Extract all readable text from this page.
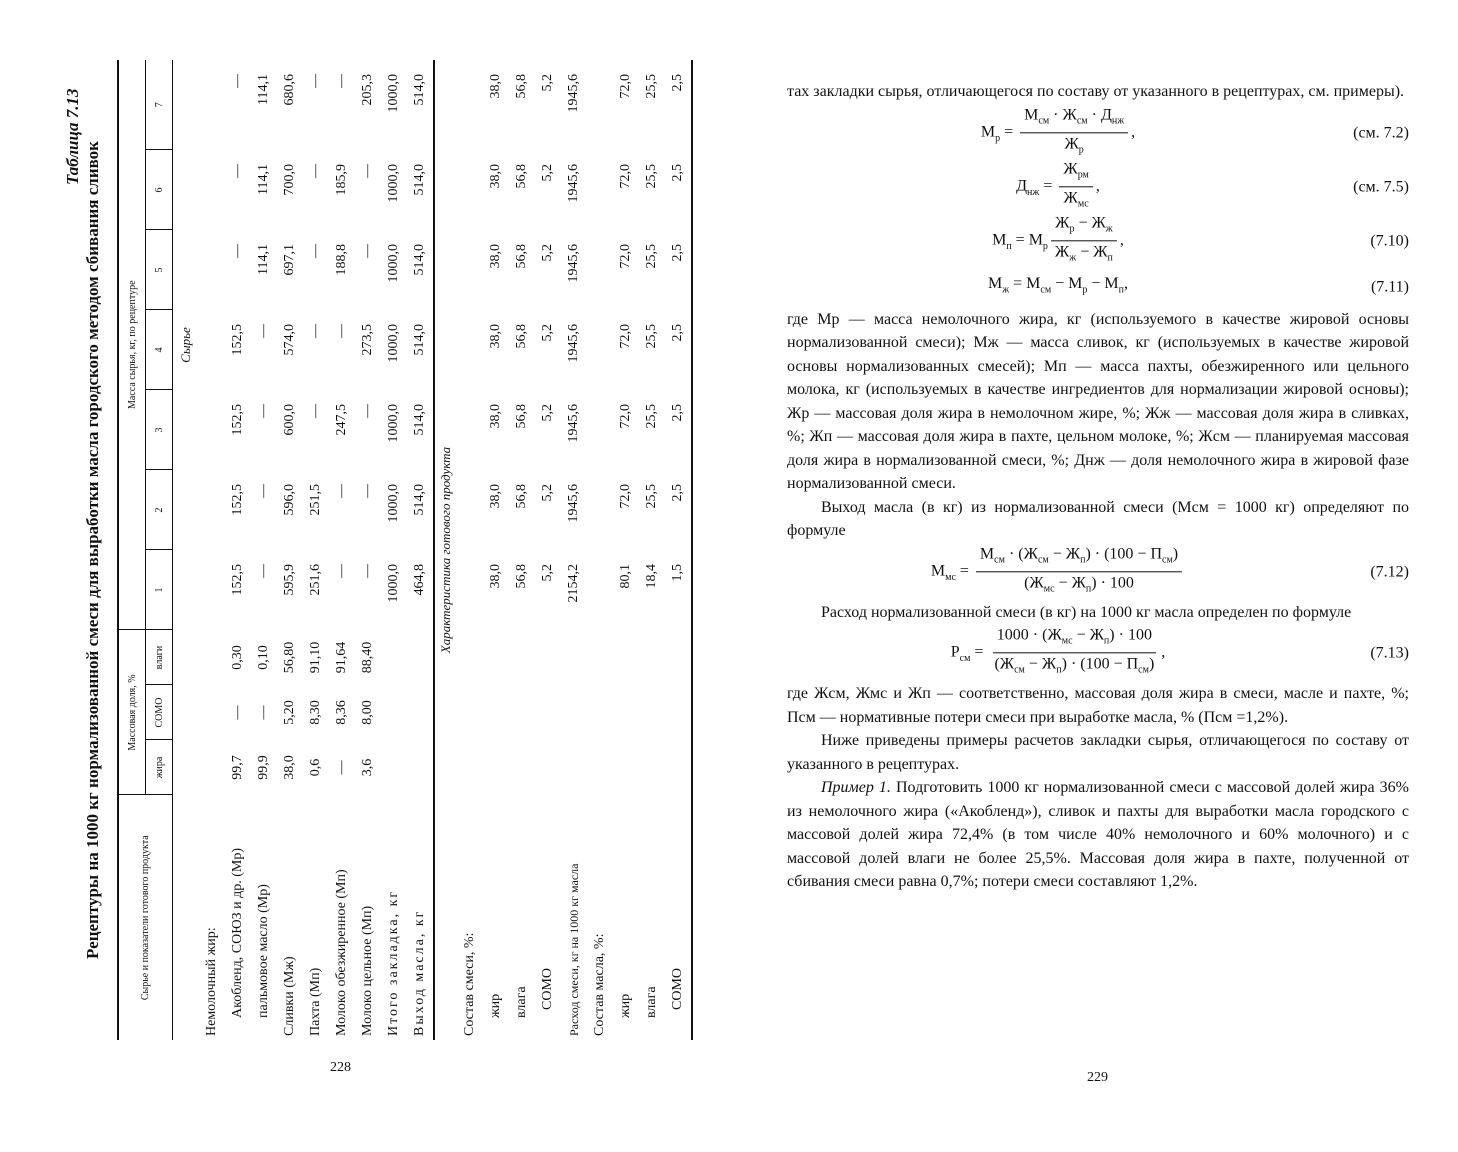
Таблица 7.13
Рецептуры на 1000 кг нормализованной смеси для выработки масла городского методом сбивания сливок	Сырье и показатели готового продукта	Массовая доля, %			Масса сырья, кг, по рецептуре						
	жира	СОМО	влаги	1	2	3	4	5	6	7
				Сырье						
Немолочный жир:										
Акобленд, СОЮЗ и др. (Мр)	99,7	—	0,30	152,5	152,5	152,5	152,5	—	—	—
пальмовое масло (Мр)	99,9	—	0,10	—	—	—	—	114,1	114,1	114,1
Сливки (Мж)	38,0	5,20	56,80	595,9	596,0	600,0	574,0	697,1	700,0	680,6
Пахта (Мп)	0,6	8,30	91,10	251,6	251,5	—	—	—	—	—
Молоко обезжиренное (Мп)	—	8,36	91,64	—	—	247,5	—	188,8	185,9	—
Молоко цельное (Мп)	3,6	8,00	88,40	—	—	—	273,5	—	—	205,3
Итого закладка, кг				1000,0	1000,0	1000,0	1000,0	1000,0	1000,0	1000,0
Выход масла, кг				464,8	514,0	514,0	514,0	514,0	514,0	514,0
Характеристика готового продукта										
Состав смеси, %:										
жир				38,0	38,0	38,0	38,0	38,0	38,0	38,0
влага				56,8	56,8	56,8	56,8	56,8	56,8	56,8
СОМО				5,2	5,2	5,2	5,2	5,2	5,2	5,2
Расход смеси, кг на 1000 кг масла				2154,2	1945,6	1945,6	1945,6	1945,6	1945,6	1945,6
Состав масла, %:										
жир				80,1	72,0	72,0	72,0	72,0	72,0	72,0
влага				18,4	25,5	25,5	25,5	25,5	25,5	25,5
СОМО				1,5	2,5	2,5	2,5	2,5	2,5	2,5
228

тах закладки сырья, отличающегося по составу от указанного в рецептурах, см. примеры).

$М_р = \frac{М_{см} \cdot Ж_{см} \cdot Д_{нж}}{Ж_р}$ ,	(см. 7.2)
$Д_{нж} = \frac{Ж_{рм}}{Ж_{мс}}$ ,	(см. 7.5)
$М_п = М_р \frac{Ж_р - Ж_ж}{Ж_ж - Ж_п}$ ,	(7.10)
$М_ж = М_{см} - М_р - М_п$,	(7.11)

где Мр — масса немолочного жира, кг (используемого в качестве жировой основы нормализованной смеси); Мж — масса сливок, кг (используемых в качестве жировой основы нормализованных смесей); Мп — масса пахты, обезжиренного или цельного молока, кг (используемых в качестве ингредиентов для нормализации жировой основы); Жр — массовая доля жира в немолочном жире, %; Жж — массовая доля жира в сливках, %; Жп — массовая доля жира в пахте, цельном молоке, %; Жсм — планируемая массовая доля жира в нормализованной смеси, %; Днж — доля немолочного жира в жировой фазе нормализованной смеси.

Выход масла (в кг) из нормализованной смеси (Мсм = 1000 кг) определяют по формуле

$М_{мс} = \frac{М_{см} \cdot (Ж_{см} - Ж_п) \cdot (100 - П_{см})}{(Ж_{мс} - Ж_п) \cdot 100}$	(7.12)

Расход нормализованной смеси (в кг) на 1000 кг масла определен по формуле

$Р_{см} = \frac{1000 \cdot (Ж_{мс} - Ж_п) \cdot 100}{(Ж_{см} - Ж_п) \cdot (100 - П_{см})}$ ,	(7.13)

где Жсм, Жмс и Жп — соответственно, массовая доля жира в смеси, масле и пахте, %; Псм — нормативные потери смеси при выработке масла, % (Псм =1,2%).

Ниже приведены примеры расчетов закладки сырья, отличающегося по составу от указанного в рецептурах.

Пример 1. Подготовить 1000 кг нормализованной смеси с массовой долей жира 36% из немолочного жира («Акобленд»), сливок и пахты для выработки масла городского с массовой долей жира 72,4% (в том числе 40% немолочного и 60% молочного) и с массовой долей влаги не более 25,5%. Массовая доля жира в пахте, полученной от сбивания смеси равна 0,7%; потери смеси составляют 1,2%.

229
